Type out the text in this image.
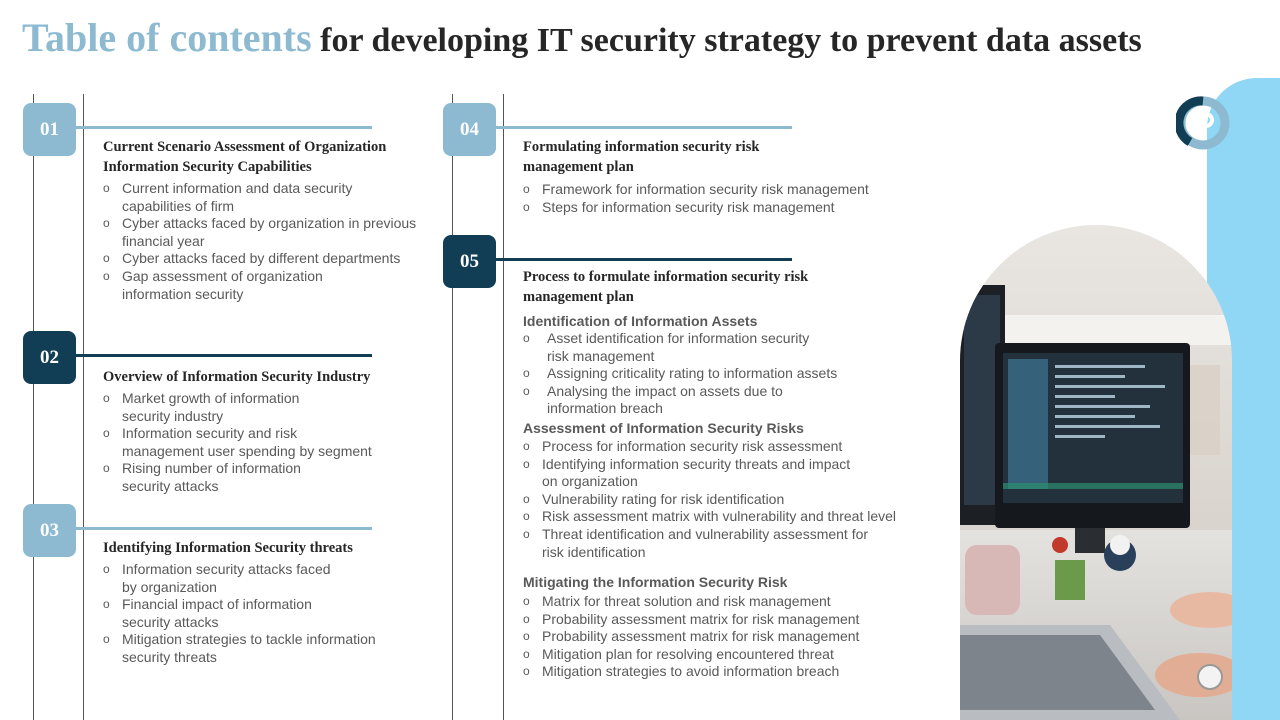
Table of contents for developing IT security strategy to prevent data assets
01
Current Scenario Assessment of Organization
Information Security Capabilities
o Current information and data security
capabilities of firm
o Cyber attacks faced by organization in previous
financial year
o Cyber attacks faced by different departments
o Gap assessment of organization
information security
02
Overview of Information Security Industry
o Market growth of information
security industry
o Information security and risk
management user spending by segment
o Rising number of information
security attacks
03
Identifying Information Security threats
o Information security attacks faced
by organization
o Financial impact of information
security attacks
o Mitigation strategies to tackle information
security threats
04
Formulating information security risk
management plan
o Framework for information security risk management
o Steps for information security risk management
05
Process to formulate information security risk
management plan
Identification of Information Assets
o Asset identification for information security
risk management
o Assigning criticality rating to information assets
o Analysing the impact on assets due to
information breach
Assessment of Information Security Risks
o Process for information security risk assessment
o Identifying information security threats and impact
on organization
o Vulnerability rating for risk identification
o Risk assessment matrix with vulnerability and threat level
o Threat identification and vulnerability assessment for
risk identification
Mitigating the Information Security Risk
o Matrix for threat solution and risk management
o Probability assessment matrix for risk management
o Probability assessment matrix for risk management
o Mitigation plan for resolving encountered threat
o Mitigation strategies to avoid information breach
